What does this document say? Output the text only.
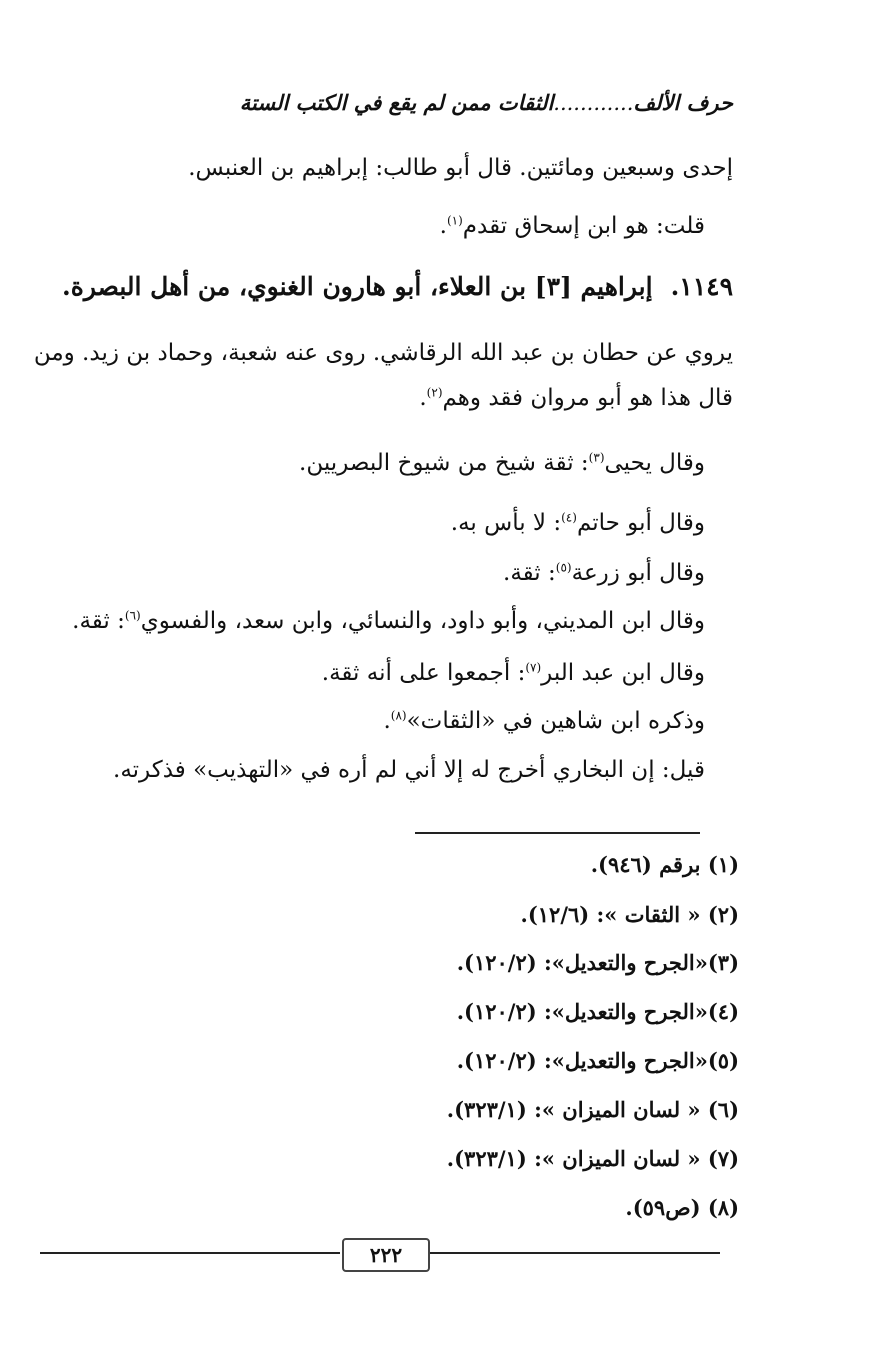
حرف الألف............الثقات ممن لم يقع في الكتب الستة
إحدى وسبعين ومائتين. قال أبو طالب: إبراهيم بن العنبس.
قلت: هو ابن إسحاق تقدم$^{(١)}$.
١١٤٩.إبراهيم [٣] بن العلاء، أبو هارون الغنوي، من أهل البصرة.
يروي عن حطان بن عبد الله الرقاشي. روى عنه شعبة، وحماد بن زيد. ومن
قال هذا هو أبو مروان فقد وهم$^{(٢)}$.
وقال يحيى$^{(٣)}$: ثقة شيخ من شيوخ البصريين.
وقال أبو حاتم$^{(٤)}$: لا بأس به.
وقال أبو زرعة$^{(٥)}$: ثقة.
وقال ابن المديني، وأبو داود، والنسائي، وابن سعد، والفسوي$^{(٦)}$: ثقة.
وقال ابن عبد البر$^{(٧)}$: أجمعوا على أنه ثقة.
وذكره ابن شاهين في «الثقات»$^{(٨)}$.
قيل: إن البخاري أخرج له إلا أني لم أره في «التهذيب» فذكرته.
(١) برقم (٩٤٦).
(٢) « الثقات »: (١٢/٦).
(٣)«الجرح والتعديل»: (١٢٠/٢).
(٤)«الجرح والتعديل»: (١٢٠/٢).
(٥)«الجرح والتعديل»: (١٢٠/٢).
(٦) « لسان الميزان »: (٣٢٣/١).
(٧) « لسان الميزان »: (٣٢٣/١).
(٨) (ص٥٩).
٢٢٢
